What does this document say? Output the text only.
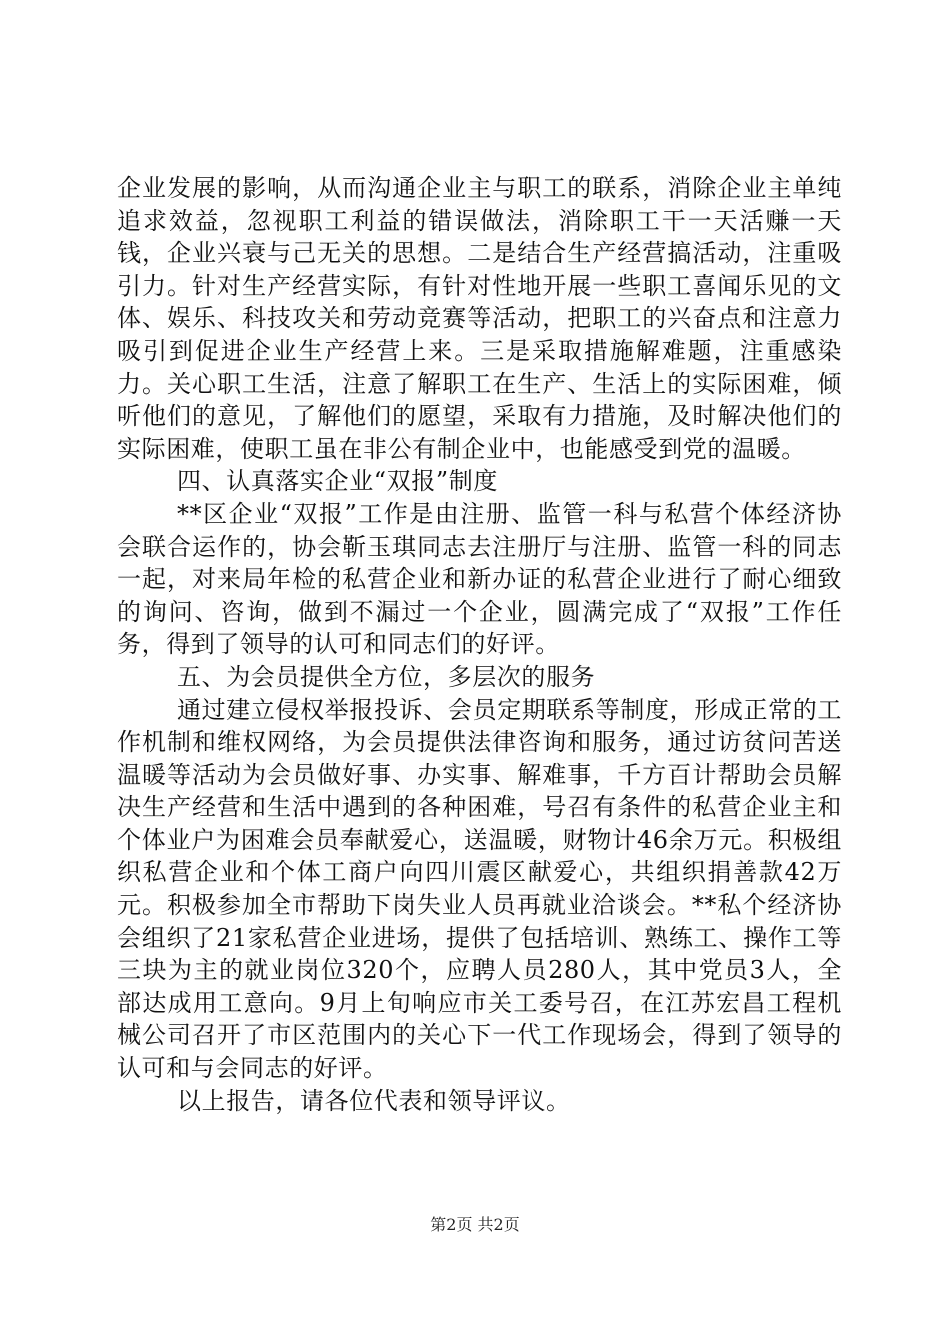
企业发展的影响，从而沟通企业主与职工的联系，消除企业主单纯追求效益，忽视职工利益的错误做法，消除职工干一天活赚一天钱，企业兴衰与己无关的思想。二是结合生产经营搞活动，注重吸引力。针对生产经营实际，有针对性地开展一些职工喜闻乐见的文体、娱乐、科技攻关和劳动竞赛等活动，把职工的兴奋点和注意力吸引到促进企业生产经营上来。三是采取措施解难题，注重感染力。关心职工生活，注意了解职工在生产、生活上的实际困难，倾听他们的意见，了解他们的愿望，采取有力措施，及时解决他们的实际困难，使职工虽在非公有制企业中，也能感受到党的温暖。

四、认真落实企业“双报”制度

**区企业“双报”工作是由注册、监管一科与私营个体经济协会联合运作的，协会靳玉琪同志去注册厅与注册、监管一科的同志一起，对来局年检的私营企业和新办证的私营企业进行了耐心细致的询问、咨询，做到不漏过一个企业，圆满完成了“双报”工作任务，得到了领导的认可和同志们的好评。

五、为会员提供全方位，多层次的服务

通过建立侵权举报投诉、会员定期联系等制度，形成正常的工作机制和维权网络，为会员提供法律咨询和服务，通过访贫问苦送温暖等活动为会员做好事、办实事、解难事，千方百计帮助会员解决生产经营和生活中遇到的各种困难，号召有条件的私营企业主和个体业户为困难会员奉献爱心，送温暖，财物计46余万元。积极组织私营企业和个体工商户向四川震区献爱心，共组织捐善款42万元。积极参加全市帮助下岗失业人员再就业洽谈会。**私个经济协会组织了21家私营企业进场，提供了包括培训、熟练工、操作工等三块为主的就业岗位320个，应聘人员280人，其中党员3人，全部达成用工意向。9月上旬响应市关工委号召，在江苏宏昌工程机械公司召开了市区范围内的关心下一代工作现场会，得到了领导的认可和与会同志的好评。

以上报告，请各位代表和领导评议。

第2页 共2页
